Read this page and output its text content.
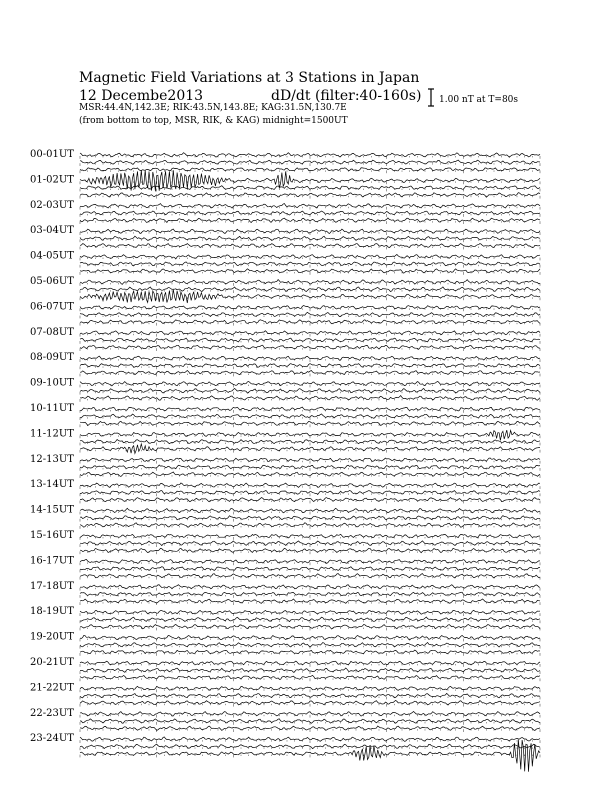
Magnetic Field Variations at 3 Stations in Japan
12 Decembe2013	dD/dt (filter:40-160s)
MSR:44.4N,142.3E; RIK:43.5N,143.8E; KAG:31.5N,130.7E
(from bottom to top, MSR, RIK, & KAG) midnight=1500UT
1.00 nT at T=80s
00-01UT
01-02UT
02-03UT
03-04UT
04-05UT
05-06UT
06-07UT
07-08UT
08-09UT
09-10UT
10-11UT
11-12UT
12-13UT
13-14UT
14-15UT
15-16UT
16-17UT
17-18UT
18-19UT
19-20UT
20-21UT
21-22UT
22-23UT
23-24UT
